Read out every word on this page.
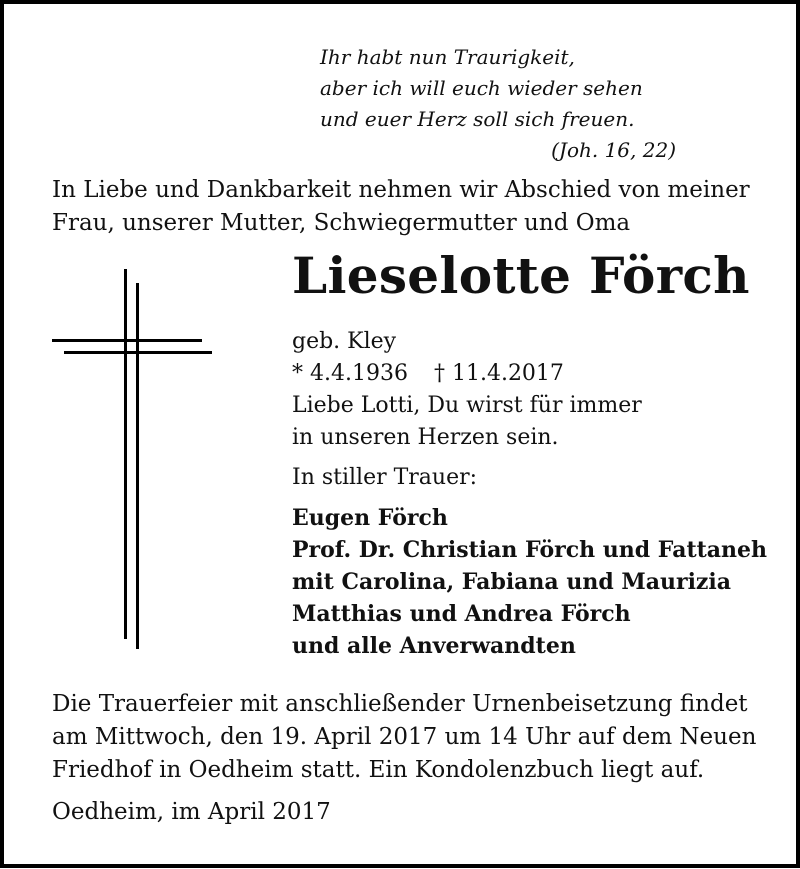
Ihr habt nun Traurigkeit,
aber ich will euch wieder sehen
und euer Herz soll sich freuen.
(Joh. 16, 22)
In Liebe und Dankbarkeit nehmen wir Abschied von meiner
Frau, unserer Mutter, Schwiegermutter und Oma
Lieselotte Förch
geb. Kley
* 4.4.1936 † 11.4.2017
Liebe Lotti, Du wirst für immer
in unseren Herzen sein.
In stiller Trauer:
Eugen Förch
Prof. Dr. Christian Förch und Fattaneh
mit Carolina, Fabiana und Maurizia
Matthias und Andrea Förch
und alle Anverwandten
Die Trauerfeier mit anschließender Urnenbeisetzung findet
am Mittwoch, den 19. April 2017 um 14 Uhr auf dem Neuen
Friedhof in Oedheim statt. Ein Kondolenzbuch liegt auf.
Oedheim, im April 2017
